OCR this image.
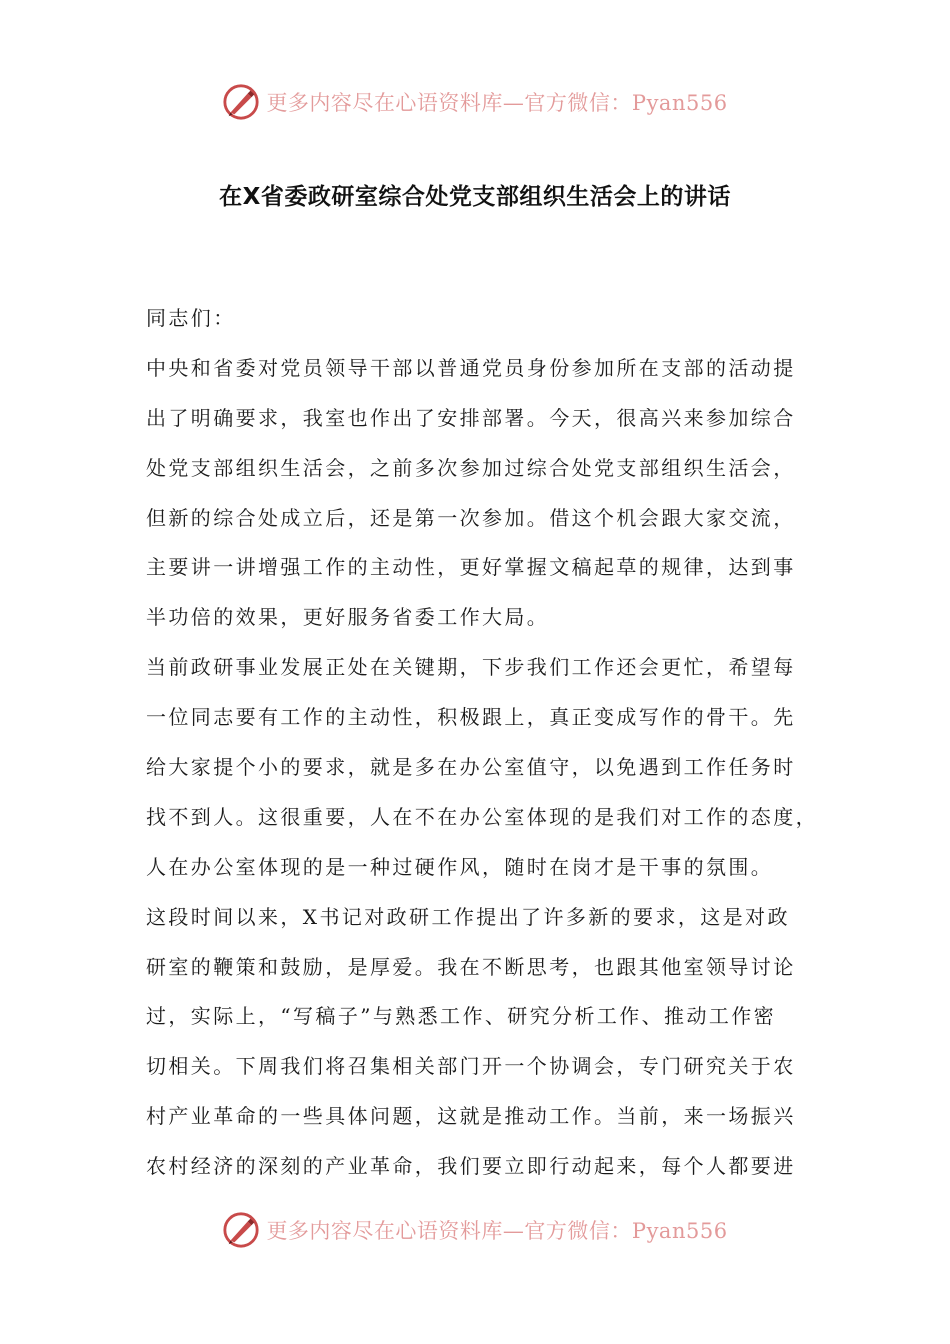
更多内容尽在心语资料库—官方微信：Pyan556
在X省委政研室综合处党支部组织生活会上的讲话
同志们：
中央和省委对党员领导干部以普通党员身份参加所在支部的活动提
出了明确要求，我室也作出了安排部署。今天，很高兴来参加综合
处党支部组织生活会，之前多次参加过综合处党支部组织生活会，
但新的综合处成立后，还是第一次参加。借这个机会跟大家交流，
主要讲一讲增强工作的主动性，更好掌握文稿起草的规律，达到事
半功倍的效果，更好服务省委工作大局。
当前政研事业发展正处在关键期，下步我们工作还会更忙，希望每
一位同志要有工作的主动性，积极跟上，真正变成写作的骨干。先
给大家提个小的要求，就是多在办公室值守，以免遇到工作任务时
找不到人。这很重要，人在不在办公室体现的是我们对工作的态度，
人在办公室体现的是一种过硬作风，随时在岗才是干事的氛围。
这段时间以来，X书记对政研工作提出了许多新的要求，这是对政
研室的鞭策和鼓励，是厚爱。我在不断思考，也跟其他室领导讨论
过，实际上，“写稿子”与熟悉工作、研究分析工作、推动工作密
切相关。下周我们将召集相关部门开一个协调会，专门研究关于农
村产业革命的一些具体问题，这就是推动工作。当前，来一场振兴
农村经济的深刻的产业革命，我们要立即行动起来，每个人都要进
更多内容尽在心语资料库—官方微信：Pyan556
